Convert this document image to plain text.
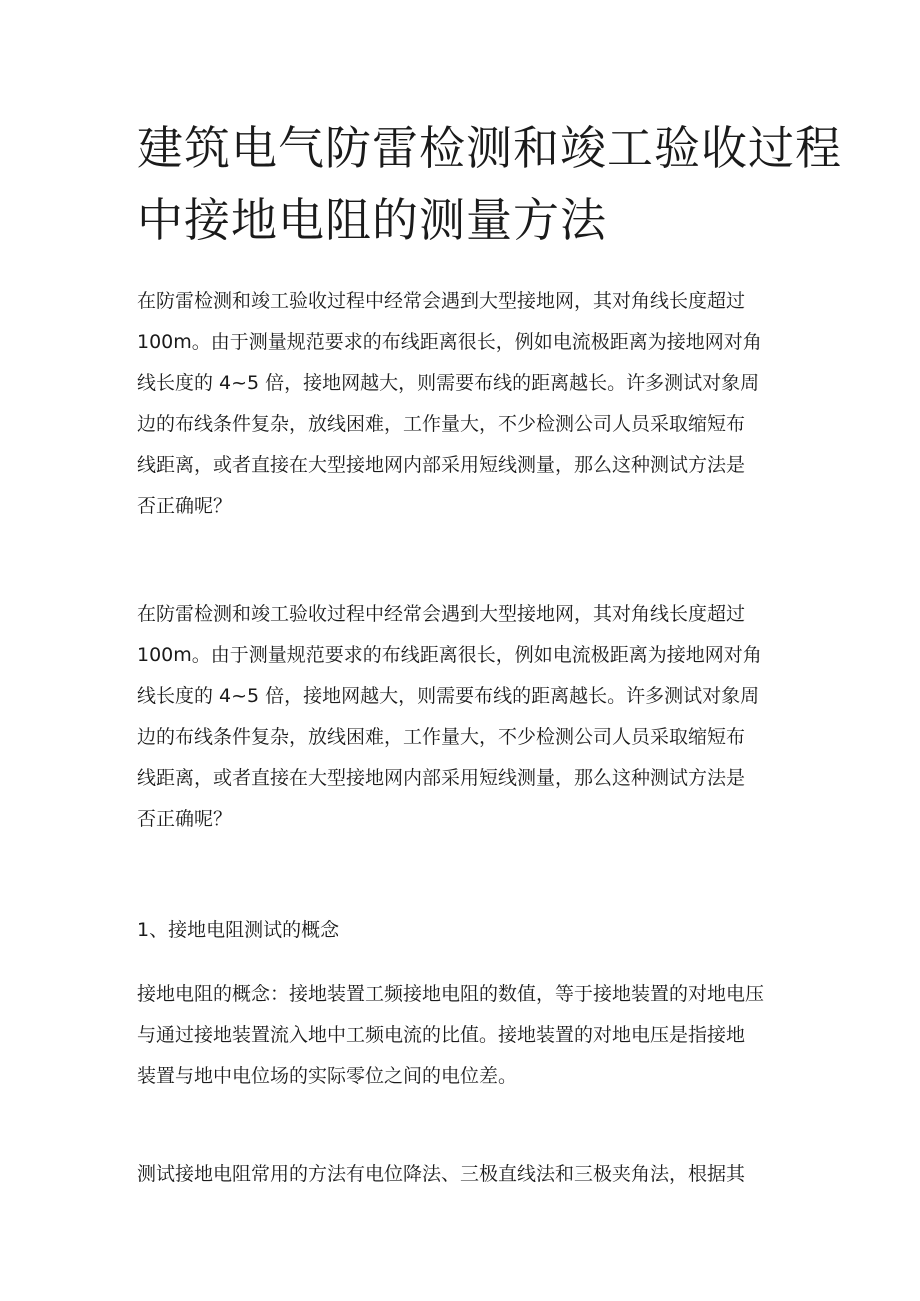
建筑电气防雷检测和竣工验收过程
中接地电阻的测量方法

在防雷检测和竣工验收过程中经常会遇到大型接地网，其对角线长度超过
100m。由于测量规范要求的布线距离很长，例如电流极距离为接地网对角
线长度的 4~5 倍，接地网越大，则需要布线的距离越长。许多测试对象周
边的布线条件复杂，放线困难，工作量大，不少检测公司人员采取缩短布
线距离，或者直接在大型接地网内部采用短线测量，那么这种测试方法是
否正确呢？

在防雷检测和竣工验收过程中经常会遇到大型接地网，其对角线长度超过
100m。由于测量规范要求的布线距离很长，例如电流极距离为接地网对角
线长度的 4~5 倍，接地网越大，则需要布线的距离越长。许多测试对象周
边的布线条件复杂，放线困难，工作量大，不少检测公司人员采取缩短布
线距离，或者直接在大型接地网内部采用短线测量，那么这种测试方法是
否正确呢？

1、接地电阻测试的概念

接地电阻的概念：接地装置工频接地电阻的数值，等于接地装置的对地电压
与通过接地装置流入地中工频电流的比值。接地装置的对地电压是指接地
装置与地中电位场的实际零位之间的电位差。

测试接地电阻常用的方法有电位降法、三极直线法和三极夹角法，根据其
